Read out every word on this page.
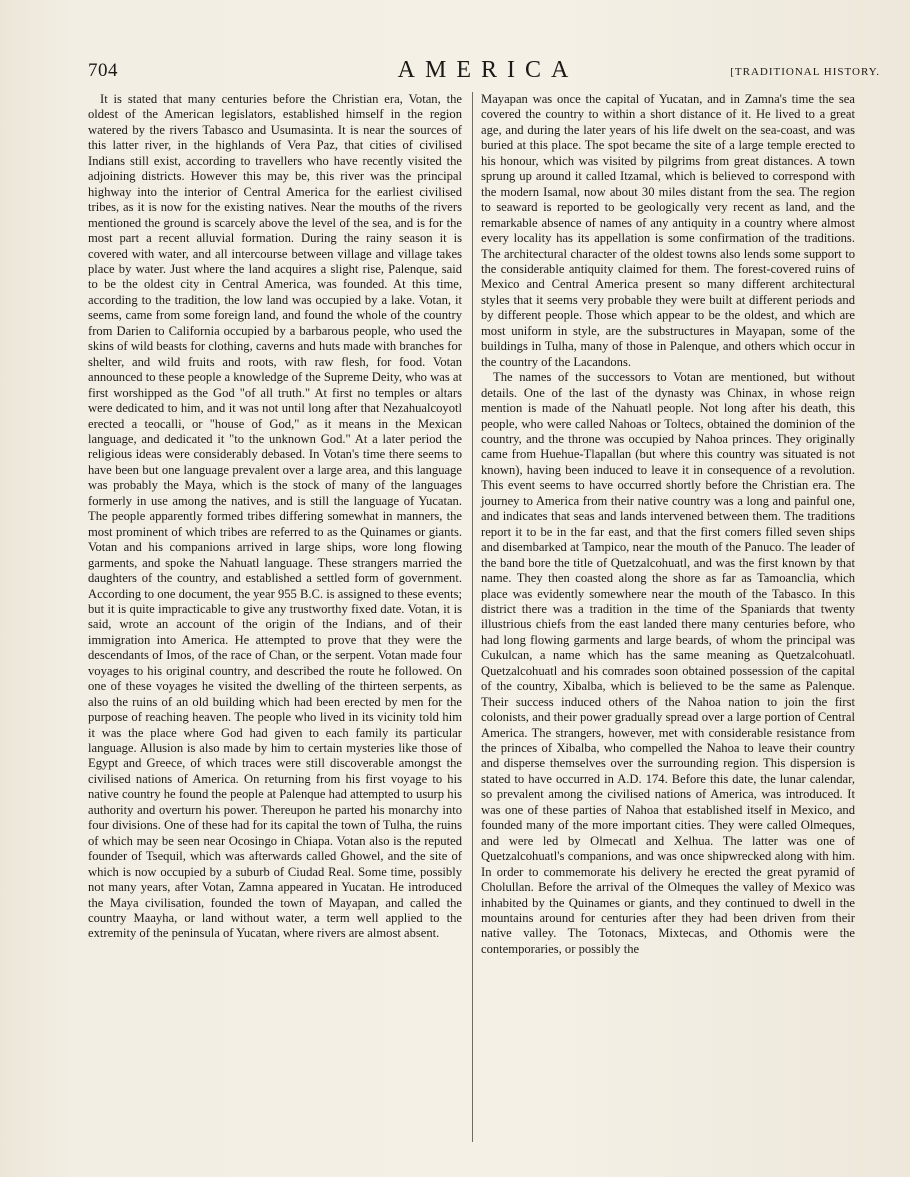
704	AMERICA	[TRADITIONAL HISTORY.

It is stated that many centuries before the Christian era, Votan, the oldest of the American legislators, established himself in the region watered by the rivers Tabasco and Usumasinta. It is near the sources of this latter river, in the highlands of Vera Paz, that cities of civilised Indians still exist, according to travellers who have recently visited the adjoining districts. However this may be, this river was the principal highway into the interior of Central America for the earliest civilised tribes, as it is now for the existing natives. Near the mouths of the rivers mentioned the ground is scarcely above the level of the sea, and is for the most part a recent alluvial formation. During the rainy season it is covered with water, and all intercourse between village and village takes place by water. Just where the land acquires a slight rise, Palenque, said to be the oldest city in Central America, was founded. At this time, according to the tradition, the low land was occupied by a lake. Votan, it seems, came from some foreign land, and found the whole of the country from Darien to California occupied by a barbarous people, who used the skins of wild beasts for clothing, caverns and huts made with branches for shelter, and wild fruits and roots, with raw flesh, for food. Votan announced to these people a knowledge of the Supreme Deity, who was at first worshipped as the God "of all truth." At first no temples or altars were dedicated to him, and it was not until long after that Nezahualcoyotl erected a teocalli, or "house of God," as it means in the Mexican language, and dedicated it "to the unknown God." At a later period the religious ideas were considerably debased. In Votan's time there seems to have been but one language prevalent over a large area, and this language was probably the Maya, which is the stock of many of the languages formerly in use among the natives, and is still the language of Yucatan. The people apparently formed tribes differing somewhat in manners, the most prominent of which tribes are referred to as the Quinames or giants. Votan and his companions arrived in large ships, wore long flowing garments, and spoke the Nahuatl language. These strangers married the daughters of the country, and established a settled form of government. According to one document, the year 955 B.C. is assigned to these events; but it is quite impracticable to give any trustworthy fixed date. Votan, it is said, wrote an account of the origin of the Indians, and of their immigration into America. He attempted to prove that they were the descendants of Imos, of the race of Chan, or the serpent. Votan made four voyages to his original country, and described the route he followed. On one of these voyages he visited the dwelling of the thirteen serpents, as also the ruins of an old building which had been erected by men for the purpose of reaching heaven. The people who lived in its vicinity told him it was the place where God had given to each family its particular language. Allusion is also made by him to certain mysteries like those of Egypt and Greece, of which traces were still discoverable amongst the civilised nations of America. On returning from his first voyage to his native country he found the people at Palenque had attempted to usurp his authority and overturn his power. Thereupon he parted his monarchy into four divisions. One of these had for its capital the town of Tulha, the ruins of which may be seen near Ocosingo in Chiapa. Votan also is the reputed founder of Tsequil, which was afterwards called Ghowel, and the site of which is now occupied by a suburb of Ciudad Real. Some time, possibly not many years, after Votan, Zamna appeared in Yucatan. He introduced the Maya civilisation, founded the town of Mayapan, and called the country Maayha, or land without water, a term well applied to the extremity of the peninsula of Yucatan, where rivers are almost absent.

Mayapan was once the capital of Yucatan, and in Zamna's time the sea covered the country to within a short distance of it. He lived to a great age, and during the later years of his life dwelt on the sea-coast, and was buried at this place. The spot became the site of a large temple erected to his honour, which was visited by pilgrims from great distances. A town sprung up around it called Itzamal, which is believed to correspond with the modern Isamal, now about 30 miles distant from the sea. The region to seaward is reported to be geologically very recent as land, and the remarkable absence of names of any antiquity in a country where almost every locality has its appellation is some confirmation of the traditions. The architectural character of the oldest towns also lends some support to the considerable antiquity claimed for them. The forest-covered ruins of Mexico and Central America present so many different architectural styles that it seems very probable they were built at different periods and by different people. Those which appear to be the oldest, and which are most uniform in style, are the substructures in Mayapan, some of the buildings in Tulha, many of those in Palenque, and others which occur in the country of the Lacandons.

The names of the successors to Votan are mentioned, but without details. One of the last of the dynasty was Chinax, in whose reign mention is made of the Nahuatl people. Not long after his death, this people, who were called Nahoas or Toltecs, obtained the dominion of the country, and the throne was occupied by Nahoa princes. They originally came from Huehue-Tlapallan (but where this country was situated is not known), having been induced to leave it in consequence of a revolution. This event seems to have occurred shortly before the Christian era. The journey to America from their native country was a long and painful one, and indicates that seas and lands intervened between them. The traditions report it to be in the far east, and that the first comers filled seven ships and disembarked at Tampico, near the mouth of the Panuco. The leader of the band bore the title of Quetzalcohuatl, and was the first known by that name. They then coasted along the shore as far as Tamoanclia, which place was evidently somewhere near the mouth of the Tabasco. In this district there was a tradition in the time of the Spaniards that twenty illustrious chiefs from the east landed there many centuries before, who had long flowing garments and large beards, of whom the principal was Cukulcan, a name which has the same meaning as Quetzalcohuatl. Quetzalcohuatl and his comrades soon obtained possession of the capital of the country, Xibalba, which is believed to be the same as Palenque. Their success induced others of the Nahoa nation to join the first colonists, and their power gradually spread over a large portion of Central America. The strangers, however, met with considerable resistance from the princes of Xibalba, who compelled the Nahoa to leave their country and disperse themselves over the surrounding region. This dispersion is stated to have occurred in A.D. 174. Before this date, the lunar calendar, so prevalent among the civilised nations of America, was introduced. It was one of these parties of Nahoa that established itself in Mexico, and founded many of the more important cities. They were called Olmeques, and were led by Olmecatl and Xelhua. The latter was one of Quetzalcohuatl's companions, and was once shipwrecked along with him. In order to commemorate his delivery he erected the great pyramid of Cholullan. Before the arrival of the Olmeques the valley of Mexico was inhabited by the Quinames or giants, and they continued to dwell in the mountains around for centuries after they had been driven from their native valley. The Totonacs, Mixtecas, and Othomis were the contemporaries, or possibly the
